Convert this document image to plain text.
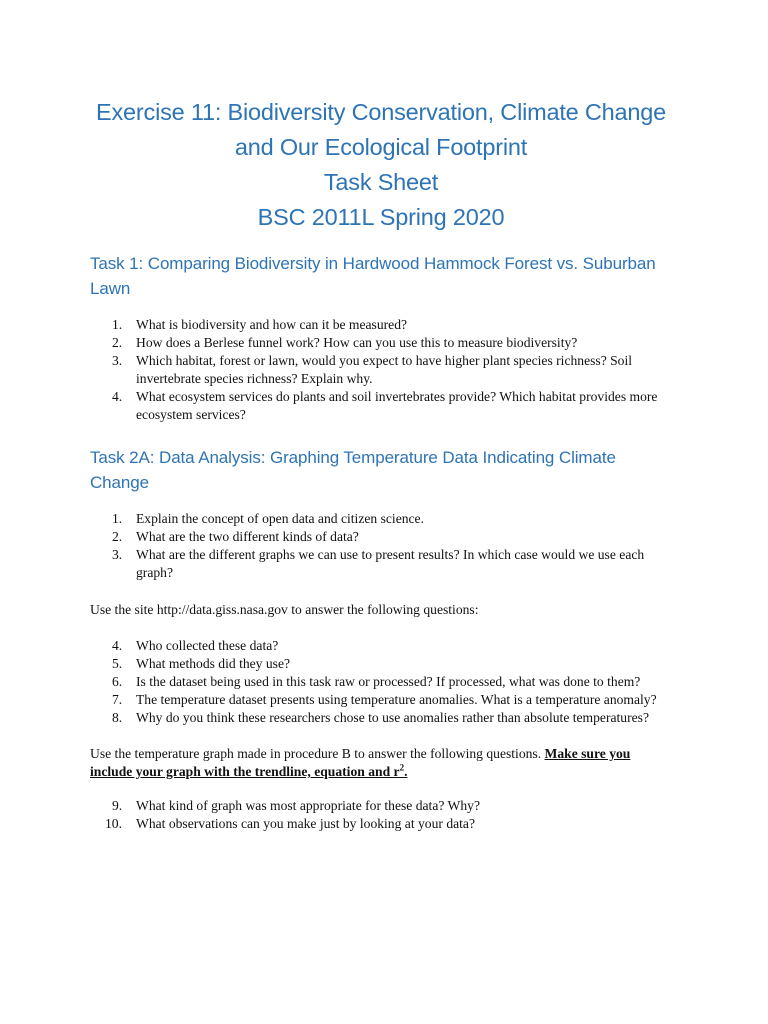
Exercise 11: Biodiversity Conservation, Climate Change
and Our Ecological Footprint
Task Sheet
BSC 2011L Spring 2020
Task 1: Comparing Biodiversity in Hardwood Hammock Forest vs. Suburban Lawn
1. What is biodiversity and how can it be measured?
2. How does a Berlese funnel work? How can you use this to measure biodiversity?
3. Which habitat, forest or lawn, would you expect to have higher plant species richness? Soil invertebrate species richness? Explain why.
4. What ecosystem services do plants and soil invertebrates provide? Which habitat provides more ecosystem services?
Task 2A: Data Analysis: Graphing Temperature Data Indicating Climate Change
1. Explain the concept of open data and citizen science.
2. What are the two different kinds of data?
3. What are the different graphs we can use to present results? In which case would we use each graph?

Use the site http://data.giss.nasa.gov to answer the following questions:

4. Who collected these data?
5. What methods did they use?
6. Is the dataset being used in this task raw or processed? If processed, what was done to them?
7. The temperature dataset presents using temperature anomalies. What is a temperature anomaly?
8. Why do you think these researchers chose to use anomalies rather than absolute temperatures?

Use the temperature graph made in procedure B to answer the following questions. Make sure you include your graph with the trendline, equation and $r^2$.

9. What kind of graph was most appropriate for these data? Why?
10. What observations can you make just by looking at your data?
